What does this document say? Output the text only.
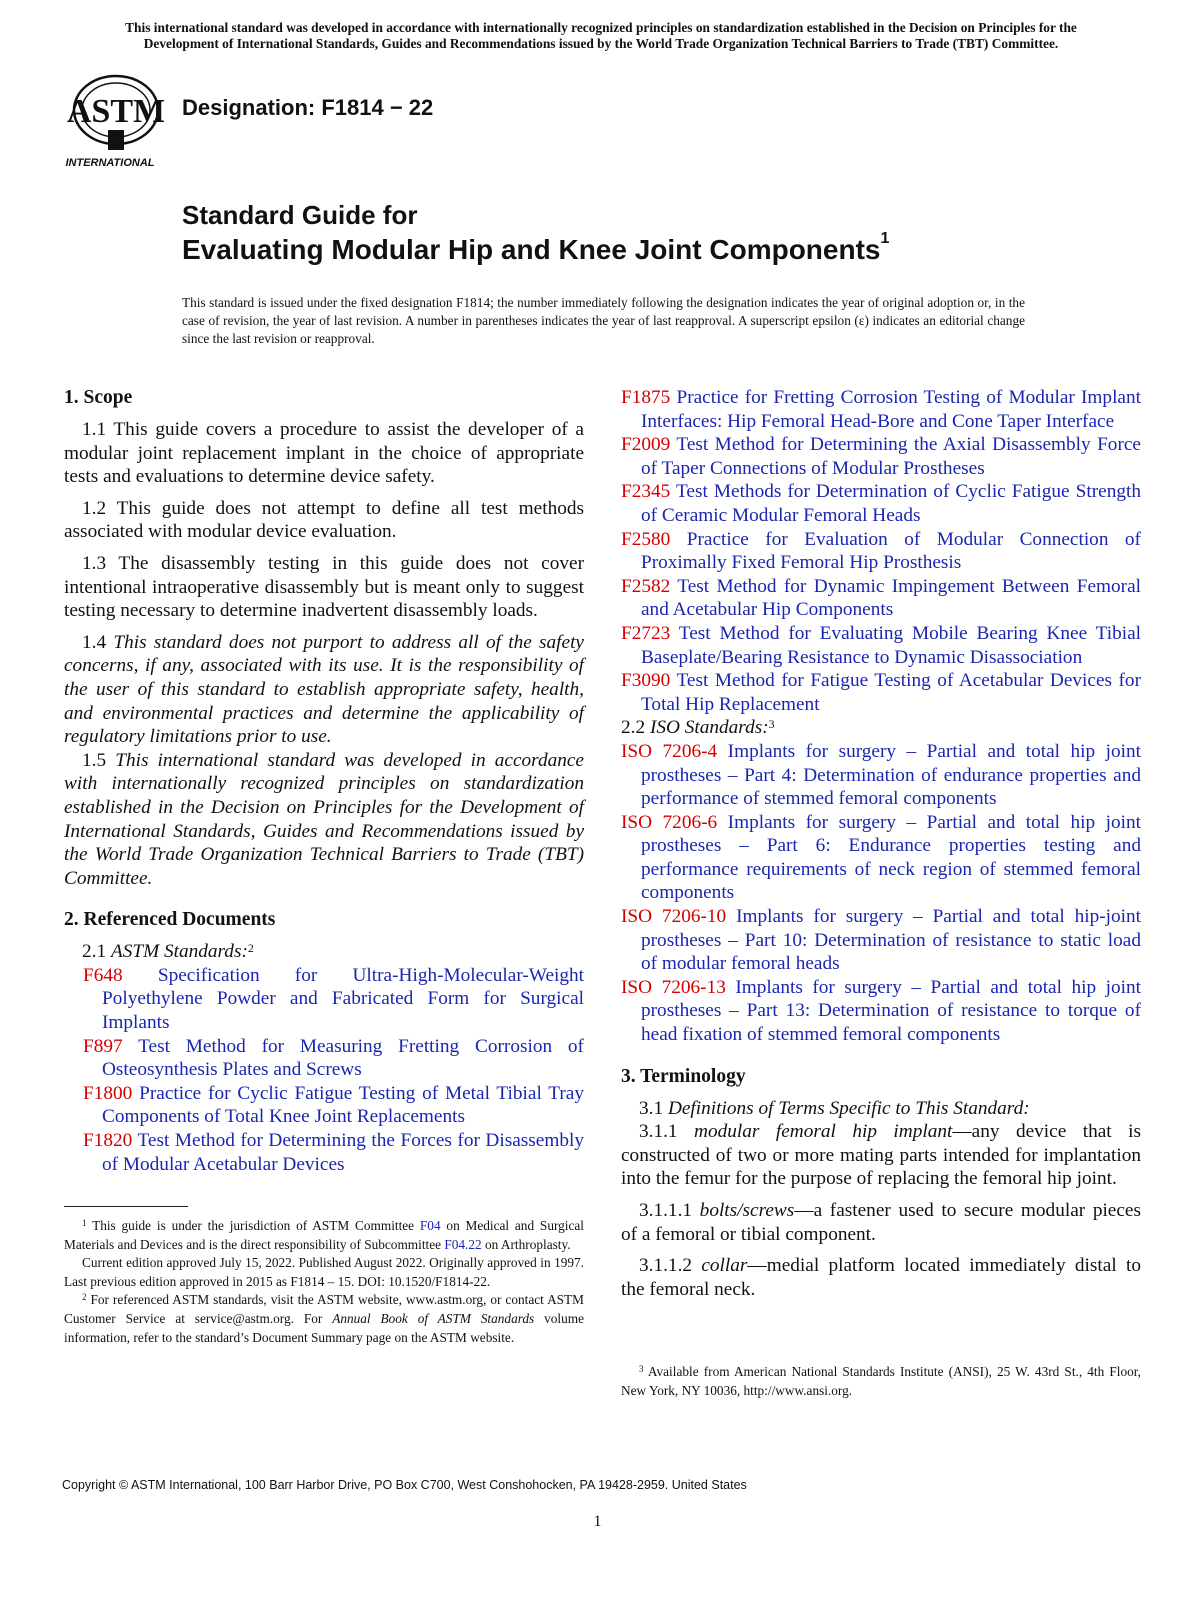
This international standard was developed in accordance with internationally recognized principles on standardization established in the Decision on Principles for the
Development of International Standards, Guides and Recommendations issued by the World Trade Organization Technical Barriers to Trade (TBT) Committee.
ASTM
INTERNATIONAL
Designation: F1814 − 22
Standard Guide for
Evaluating Modular Hip and Knee Joint Components$^1$
This standard is issued under the fixed designation F1814; the number immediately following the designation indicates the year of original adoption or, in the case of revision, the year of last revision. A number in parentheses indicates the year of last reapproval. A superscript epsilon (ε) indicates an editorial change since the last revision or reapproval.

1. Scope

1.1 This guide covers a procedure to assist the developer of a modular joint replacement implant in the choice of appropriate tests and evaluations to determine device safety.

1.2 This guide does not attempt to define all test methods associated with modular device evaluation.

1.3 The disassembly testing in this guide does not cover intentional intraoperative disassembly but is meant only to suggest testing necessary to determine inadvertent disassembly loads.

1.4 This standard does not purport to address all of the safety concerns, if any, associated with its use. It is the responsibility of the user of this standard to establish appropriate safety, health, and environmental practices and determine the applicability of regulatory limitations prior to use.

1.5 This international standard was developed in accordance with internationally recognized principles on standardization established in the Decision on Principles for the Development of International Standards, Guides and Recommendations issued by the World Trade Organization Technical Barriers to Trade (TBT) Committee.

2. Referenced Documents

2.1 ASTM Standards:$^2$

F648 Specification for Ultra-High-Molecular-Weight Polyethylene Powder and Fabricated Form for Surgical Implants

F897 Test Method for Measuring Fretting Corrosion of Osteosynthesis Plates and Screws

F1800 Practice for Cyclic Fatigue Testing of Metal Tibial Tray Components of Total Knee Joint Replacements

F1820 Test Method for Determining the Forces for Disassembly of Modular Acetabular Devices

$^1$ This guide is under the jurisdiction of ASTM Committee F04 on Medical and Surgical Materials and Devices and is the direct responsibility of Subcommittee F04.22 on Arthroplasty.

Current edition approved July 15, 2022. Published August 2022. Originally approved in 1997. Last previous edition approved in 2015 as F1814 – 15. DOI: 10.1520/F1814-22.

$^2$ For referenced ASTM standards, visit the ASTM website, www.astm.org, or contact ASTM Customer Service at service@astm.org. For Annual Book of ASTM Standards volume information, refer to the standard’s Document Summary page on the ASTM website.

F1875 Practice for Fretting Corrosion Testing of Modular Implant Interfaces: Hip Femoral Head-Bore and Cone Taper Interface

F2009 Test Method for Determining the Axial Disassembly Force of Taper Connections of Modular Prostheses

F2345 Test Methods for Determination of Cyclic Fatigue Strength of Ceramic Modular Femoral Heads

F2580 Practice for Evaluation of Modular Connection of Proximally Fixed Femoral Hip Prosthesis

F2582 Test Method for Dynamic Impingement Between Femoral and Acetabular Hip Components

F2723 Test Method for Evaluating Mobile Bearing Knee Tibial Baseplate/Bearing Resistance to Dynamic Disassociation

F3090 Test Method for Fatigue Testing of Acetabular Devices for Total Hip Replacement

2.2 ISO Standards:$^3$

ISO 7206-4 Implants for surgery – Partial and total hip joint prostheses – Part 4: Determination of endurance properties and performance of stemmed femoral components

ISO 7206-6 Implants for surgery – Partial and total hip joint prostheses – Part 6: Endurance properties testing and performance requirements of neck region of stemmed femoral components

ISO 7206-10 Implants for surgery – Partial and total hip-joint prostheses – Part 10: Determination of resistance to static load of modular femoral heads

ISO 7206-13 Implants for surgery – Partial and total hip joint prostheses – Part 13: Determination of resistance to torque of head fixation of stemmed femoral components

3. Terminology

3.1 Definitions of Terms Specific to This Standard:

3.1.1 modular femoral hip implant—any device that is constructed of two or more mating parts intended for implantation into the femur for the purpose of replacing the femoral hip joint.

3.1.1.1 bolts/screws—a fastener used to secure modular pieces of a femoral or tibial component.

3.1.1.2 collar—medial platform located immediately distal to the femoral neck.

$^3$ Available from American National Standards Institute (ANSI), 25 W. 43rd St., 4th Floor, New York, NY 10036, http://www.ansi.org.

Copyright © ASTM International, 100 Barr Harbor Drive, PO Box C700, West Conshohocken, PA 19428-2959. United States
1
